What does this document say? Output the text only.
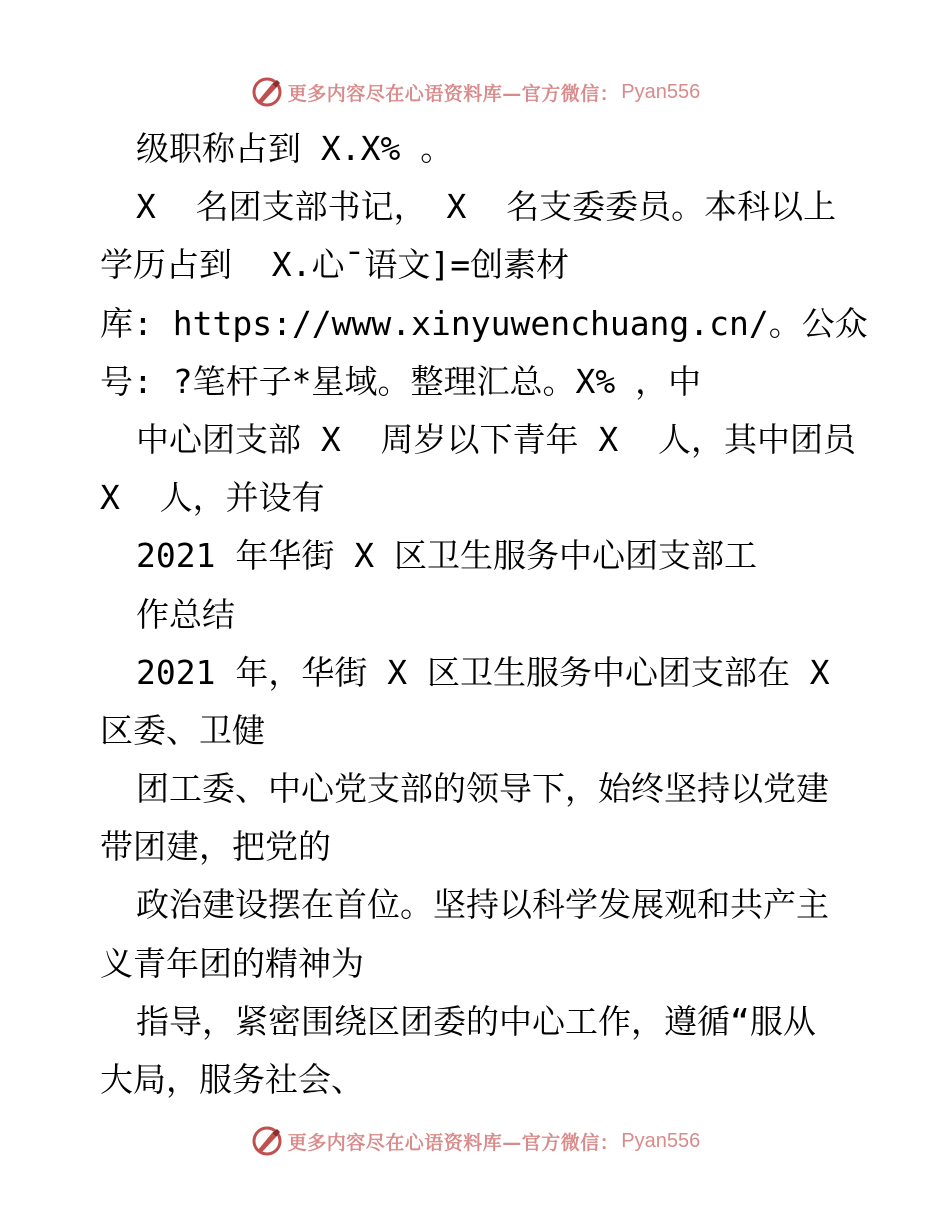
更多内容尽在心语资料库—官方微信： Pyan556
级职称占到 X.X% 。
X  名团支部书记， X  名支委委员。本科以上
学历占到  X.心¯语文]=创素材
库: https://www.xinyuwenchuang.cn/。公众
号: ?笔杆子*星域。整理汇总。X% ，中
中心团支部 X  周岁以下青年 X  人，其中团员
X  人，并设有
2021 年华街 X 区卫生服务中心团支部工
作总结
2021 年，华街 X 区卫生服务中心团支部在 X
区委、卫健
团工委、中心党支部的领导下，始终坚持以党建
带团建，把党的
政治建设摆在首位。坚持以科学发展观和共产主
义青年团的精神为
指导，紧密围绕区团委的中心工作，遵循“服从
大局，服务社会、
更多内容尽在心语资料库—官方微信： Pyan556
